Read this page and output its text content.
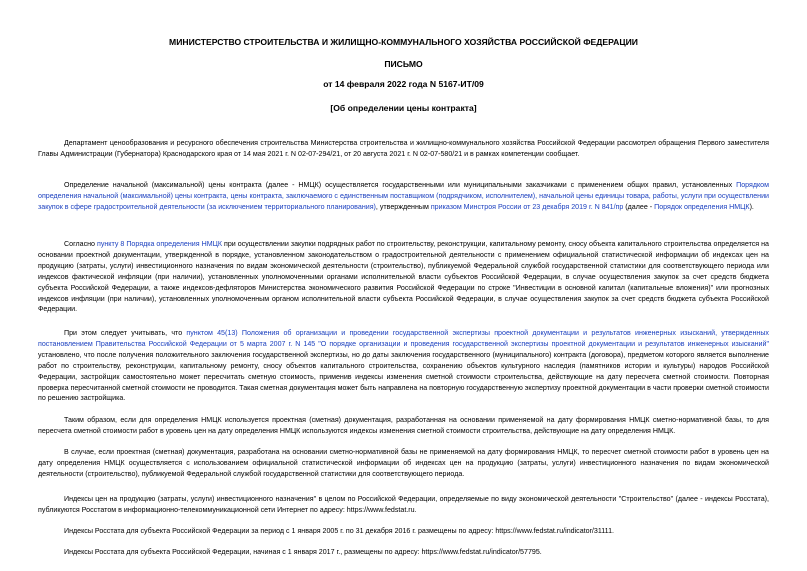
МИНИСТЕРСТВО СТРОИТЕЛЬСТВА И ЖИЛИЩНО-КОММУНАЛЬНОГО ХОЗЯЙСТВА РОССИЙСКОЙ ФЕДЕРАЦИИ

ПИСЬМО

от 14 февраля 2022 года N 5167-ИТ/09

[Об определении цены контракта]

Департамент ценообразования и ресурсного обеспечения строительства Министерства строительства и жилищно-коммунального хозяйства Российской Федерации рассмотрел обращения Первого заместителя Главы Администрации (Губернатора) Краснодарского края от 14 мая 2021 г. N 02-07-294/21, от 20 августа 2021 г. N 02-07-580/21 и в рамках компетенции сообщает.

Определение начальной (максимальной) цены контракта (далее - НМЦК) осуществляется государственными или муниципальными заказчиками с применением общих правил, установленных Порядком определения начальной (максимальной) цены контракта, цены контракта, заключаемого с единственным поставщиком (подрядчиком, исполнителем), начальной цены единицы товара, работы, услуги при осуществлении закупок в сфере градостроительной деятельности (за исключением территориального планирования), утвержденным приказом Минстроя России от 23 декабря 2019 г. N 841/пр (далее - Порядок определения НМЦК).

Согласно пункту 8 Порядка определения НМЦК при осуществлении закупки подрядных работ по строительству, реконструкции, капитальному ремонту, сносу объекта капитального строительства определяется на основании проектной документации, утвержденной в порядке, установленном законодательством о градостроительной деятельности с применением официальной статистической информации об индексах цен на продукцию (затраты, услуги) инвестиционного назначения по видам экономической деятельности (строительство), публикуемой Федеральной службой государственной статистики для соответствующего периода или индексов фактической инфляции (при наличии), установленных уполномоченными органами исполнительной власти субъектов Российской Федерации, в случае осуществления закупок за счет средств бюджета субъекта Российской Федерации, а также индексов-дефляторов Министерства экономического развития Российской Федерации по строке "Инвестиции в основной капитал (капитальные вложения)" или прогнозных индексов инфляции (при наличии), установленных уполномоченным органом исполнительной власти субъекта Российской Федерации, в случае осуществления закупок за счет средств бюджета субъекта Российской Федерации.

При этом следует учитывать, что пунктом 45(13) Положения об организации и проведении государственной экспертизы проектной документации и результатов инженерных изысканий, утвержденных постановлением Правительства Российской Федерации от 5 марта 2007 г. N 145 "О порядке организации и проведения государственной экспертизы проектной документации и результатов инженерных изысканий" установлено, что после получения положительного заключения государственной экспертизы, но до даты заключения государственного (муниципального) контракта (договора), предметом которого является выполнение работ по строительству, реконструкции, капитальному ремонту, сносу объектов капитального строительства, сохранению объектов культурного наследия (памятников истории и культуры) народов Российской Федерации, застройщик самостоятельно может пересчитать сметную стоимость, применив индексы изменения сметной стоимости строительства, действующие на дату пересчета сметной стоимости. Повторная проверка пересчитанной сметной стоимости не проводится. Такая сметная документация может быть направлена на повторную государственную экспертизу проектной документации в части проверки сметной стоимости по решению застройщика.

Таким образом, если для определения НМЦК используется проектная (сметная) документация, разработанная на основании применяемой на дату формирования НМЦК сметно-нормативной базы, то для пересчета сметной стоимости работ в уровень цен на дату определения НМЦК используются индексы изменения сметной стоимости строительства, действующие на дату определения НМЦК.

В случае, если проектная (сметная) документация, разработана на основании сметно-нормативной базы не применяемой на дату формирования НМЦК, то пересчет сметной стоимости работ в уровень цен на дату определения НМЦК осуществляется с использованием официальной статистической информации об индексах цен на продукцию (затраты, услуги) инвестиционного назначения по видам экономической деятельности (строительство), публикуемой Федеральной службой государственной статистики для соответствующего периода.

Индексы цен на продукцию (затраты, услуги) инвестиционного назначения" в целом по Российской Федерации, определяемые по виду экономической деятельности "Строительство" (далее - индексы Росстата), публикуются Росстатом в информационно-телекоммуникационной сети Интернет по адресу: https://www.fedstat.ru.

Индексы Росстата для субъекта Российской Федерации за период с 1 января 2005 г. по 31 декабря 2016 г. размещены по адресу: https://www.fedstat.ru/indicator/31111.

Индексы Росстата для субъекта Российской Федерации, начиная с 1 января 2017 г., размещены по адресу: https://www.fedstat.ru/indicator/57795.
